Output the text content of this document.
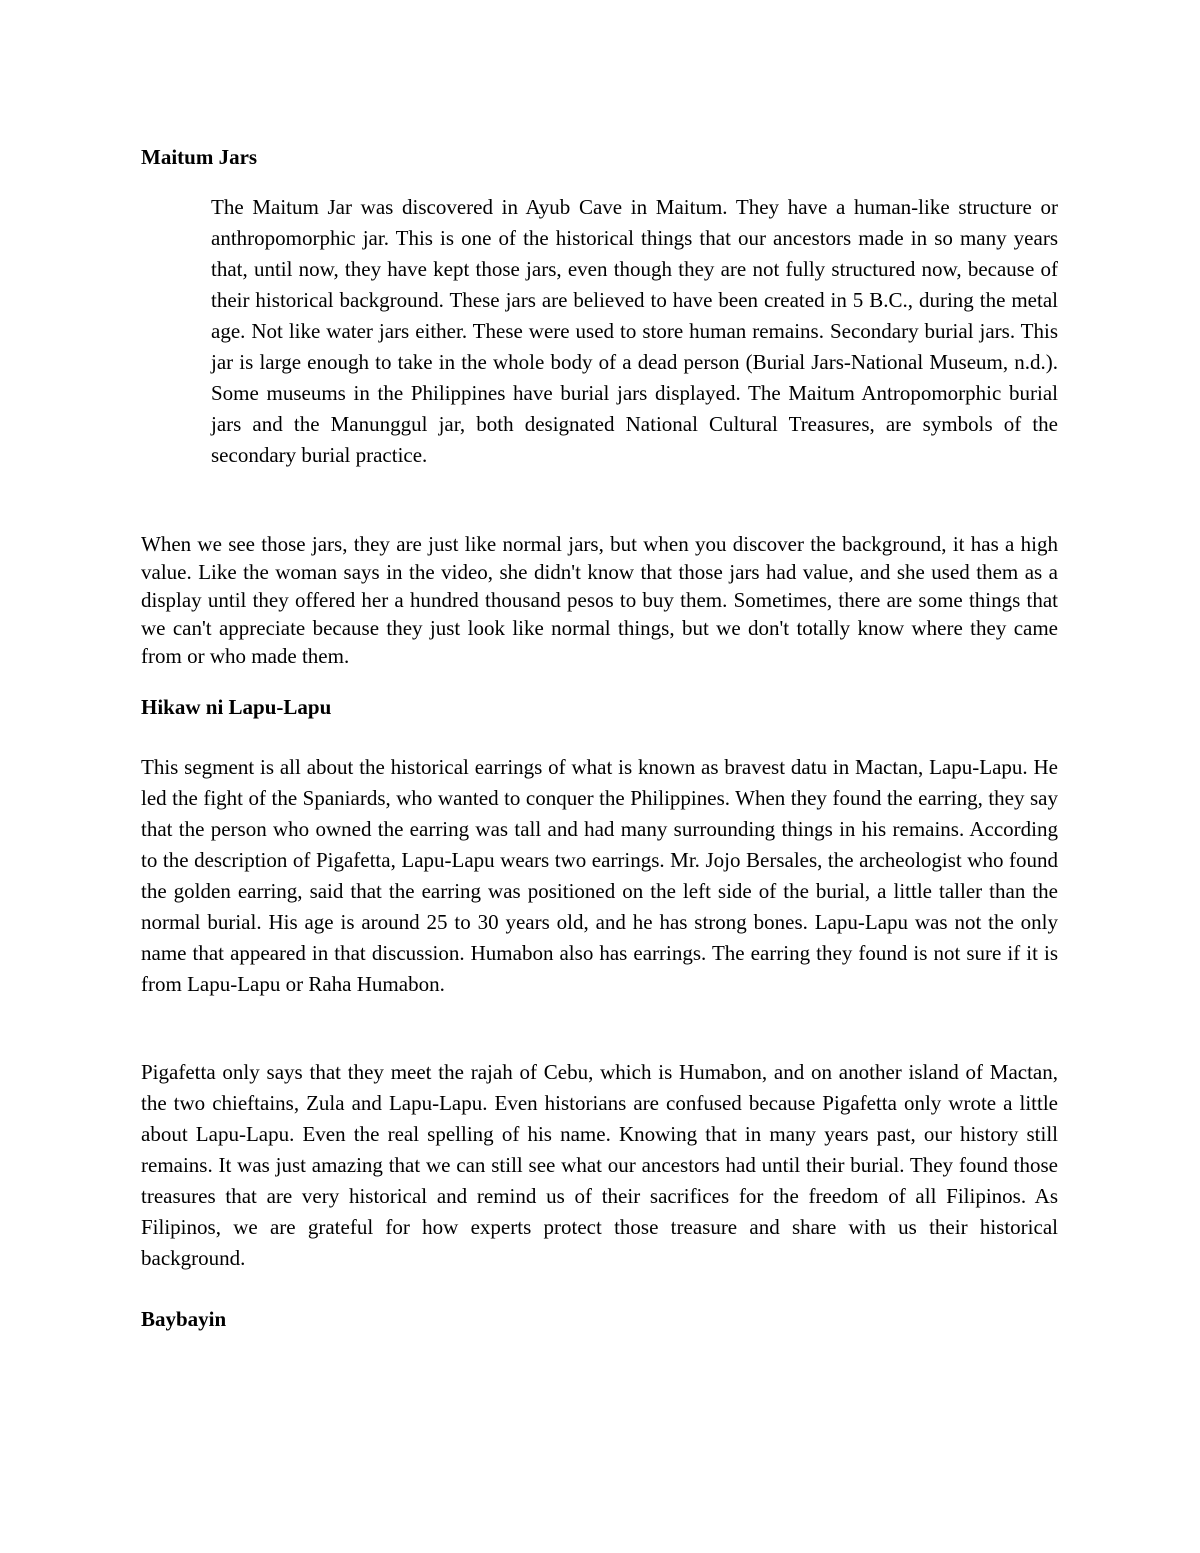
Maitum Jars

The Maitum Jar was discovered in Ayub Cave in Maitum. They have a human-like structure or anthropomorphic jar. This is one of the historical things that our ancestors made in so many years that, until now, they have kept those jars, even though they are not fully structured now, because of their historical background. These jars are believed to have been created in 5 B.C., during the metal age. Not like water jars either. These were used to store human remains. Secondary burial jars. This jar is large enough to take in the whole body of a dead person (Burial Jars-National Museum, n.d.). Some museums in the Philippines have burial jars displayed. The Maitum Antropomorphic burial jars and the Manunggul jar, both designated National Cultural Treasures, are symbols of the secondary burial practice.

When we see those jars, they are just like normal jars, but when you discover the background, it has a high value. Like the woman says in the video, she didn't know that those jars had value, and she used them as a display until they offered her a hundred thousand pesos to buy them. Sometimes, there are some things that we can't appreciate because they just look like normal things, but we don't totally know where they came from or who made them.

Hikaw ni Lapu-Lapu

This segment is all about the historical earrings of what is known as bravest datu in Mactan, Lapu-Lapu. He led the fight of the Spaniards, who wanted to conquer the Philippines. When they found the earring, they say that the person who owned the earring was tall and had many surrounding things in his remains. According to the description of Pigafetta, Lapu-Lapu wears two earrings. Mr. Jojo Bersales, the archeologist who found the golden earring, said that the earring was positioned on the left side of the burial, a little taller than the normal burial. His age is around 25 to 30 years old, and he has strong bones. Lapu-Lapu was not the only name that appeared in that discussion. Humabon also has earrings. The earring they found is not sure if it is from Lapu-Lapu or Raha Humabon.

Pigafetta only says that they meet the rajah of Cebu, which is Humabon, and on another island of Mactan, the two chieftains, Zula and Lapu-Lapu. Even historians are confused because Pigafetta only wrote a little about Lapu-Lapu. Even the real spelling of his name. Knowing that in many years past, our history still remains. It was just amazing that we can still see what our ancestors had until their burial. They found those treasures that are very historical and remind us of their sacrifices for the freedom of all Filipinos. As Filipinos, we are grateful for how experts protect those treasure and share with us their historical background.

Baybayin
